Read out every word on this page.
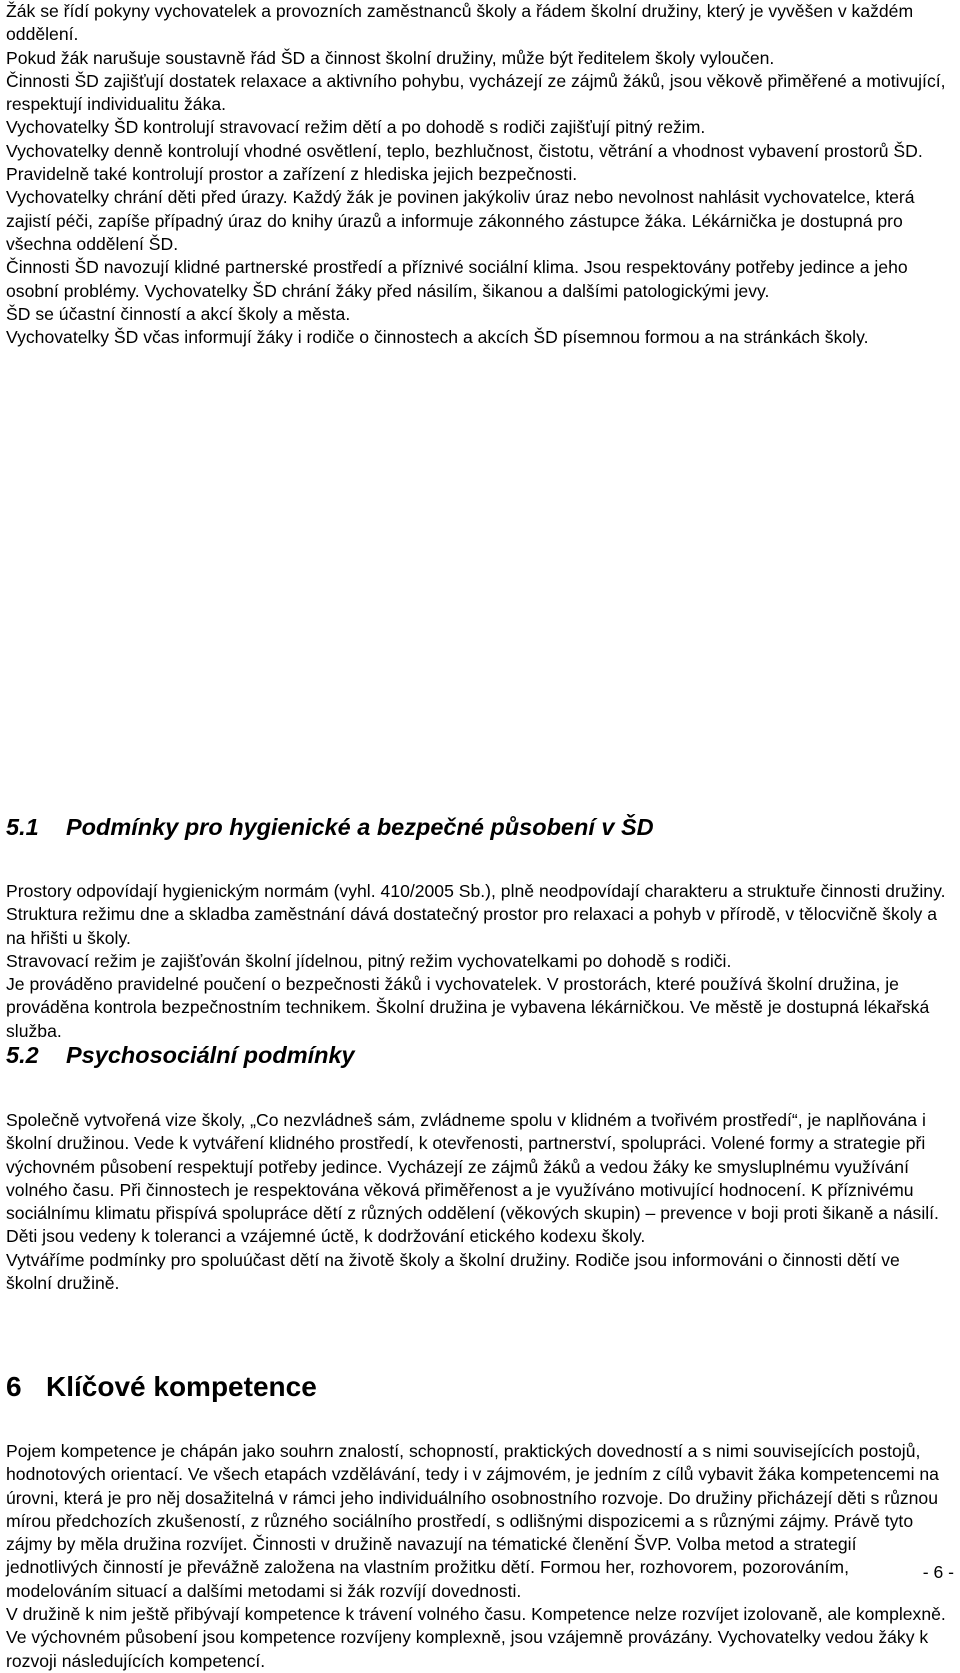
Žák se řídí pokyny vychovatelek a provozních zaměstnanců školy a řádem školní družiny, který je vyvěšen v každém oddělení.

Pokud žák narušuje soustavně řád ŠD a činnost školní družiny, může být ředitelem školy vyloučen.

Činnosti ŠD zajišťují dostatek relaxace a aktivního pohybu, vycházejí ze zájmů žáků, jsou věkově přiměřené a motivující, respektují individualitu žáka.

Vychovatelky ŠD kontrolují stravovací režim dětí a po dohodě s rodiči zajišťují pitný režim.

Vychovatelky denně kontrolují vhodné osvětlení, teplo, bezhlučnost, čistotu, větrání a vhodnost vybavení prostorů ŠD. Pravidelně také kontrolují prostor a zařízení z hlediska jejich bezpečnosti.

Vychovatelky chrání děti před úrazy. Každý žák je povinen jakýkoliv úraz nebo nevolnost nahlásit vychovatelce, která zajistí péči, zapíše případný úraz do knihy úrazů a informuje zákonného zástupce žáka. Lékárnička je dostupná pro všechna oddělení ŠD.

Činnosti ŠD navozují klidné partnerské prostředí a příznivé sociální klima. Jsou respektovány potřeby jedince a jeho osobní problémy. Vychovatelky ŠD chrání žáky před násilím, šikanou a dalšími patologickými jevy.

ŠD se účastní činností a akcí školy a města.

Vychovatelky ŠD včas informují žáky i rodiče o činnostech a akcích ŠD písemnou formou a na stránkách školy.

5.1 Podmínky pro hygienické a bezpečné působení v ŠD

Prostory odpovídají hygienickým normám (vyhl. 410/2005 Sb.), plně neodpovídají charakteru a struktuře činnosti družiny.

Struktura režimu dne a skladba zaměstnání dává dostatečný prostor pro relaxaci a pohyb v přírodě, v tělocvičně školy a na hřišti u školy.

Stravovací režim je zajišťován školní jídelnou, pitný režim vychovatelkami po dohodě s rodiči.

Je prováděno pravidelné poučení o bezpečnosti žáků i vychovatelek. V prostorách, které používá školní družina, je prováděna kontrola bezpečnostním technikem. Školní družina je vybavena lékárničkou. Ve městě je dostupná lékařská služba.

5.2 Psychosociální podmínky

Společně vytvořená vize školy, „Co nezvládneš sám, zvládneme spolu v klidném a tvořivém prostředí“, je naplňována i školní družinou. Vede k vytváření klidného prostředí, k otevřenosti, partnerství, spolupráci. Volené formy a strategie při výchovném působení respektují potřeby jedince. Vycházejí ze zájmů žáků a vedou žáky ke smysluplnému využívání volného času. Při činnostech je respektována věková přiměřenost a je využíváno motivující hodnocení. K příznivému sociálnímu klimatu přispívá spolupráce dětí z různých oddělení (věkových skupin) – prevence v boji proti šikaně a násilí. Děti jsou vedeny k toleranci a vzájemné úctě, k dodržování etického kodexu školy.

Vytváříme podmínky pro spoluúčast dětí na životě školy a školní družiny. Rodiče jsou informováni o činnosti dětí ve školní družině.

6 Klíčové kompetence

Pojem kompetence je chápán jako souhrn znalostí, schopností, praktických dovedností a s nimi souvisejících postojů, hodnotových orientací. Ve všech etapách vzdělávání, tedy i v zájmovém, je jedním z cílů vybavit žáka kompetencemi na úrovni, která je pro něj dosažitelná v rámci jeho individuálního osobnostního rozvoje. Do družiny přicházejí děti s různou mírou předchozích zkušeností, z různého sociálního prostředí, s odlišnými dispozicemi a s různými zájmy. Právě tyto zájmy by měla družina rozvíjet. Činnosti v družině navazují na tématické členění ŠVP. Volba metod a strategií jednotlivých činností je převážně založena na vlastním prožitku dětí. Formou her, rozhovorem, pozorováním, modelováním situací a dalšími metodami si žák rozvíjí dovednosti.

V družině k nim ještě přibývají kompetence k trávení volného času. Kompetence nelze rozvíjet izolovaně, ale komplexně. Ve výchovném působení jsou kompetence rozvíjeny komplexně, jsou vzájemně provázány. Vychovatelky vedou žáky k rozvoji následujících kompetencí.

- 6 -
